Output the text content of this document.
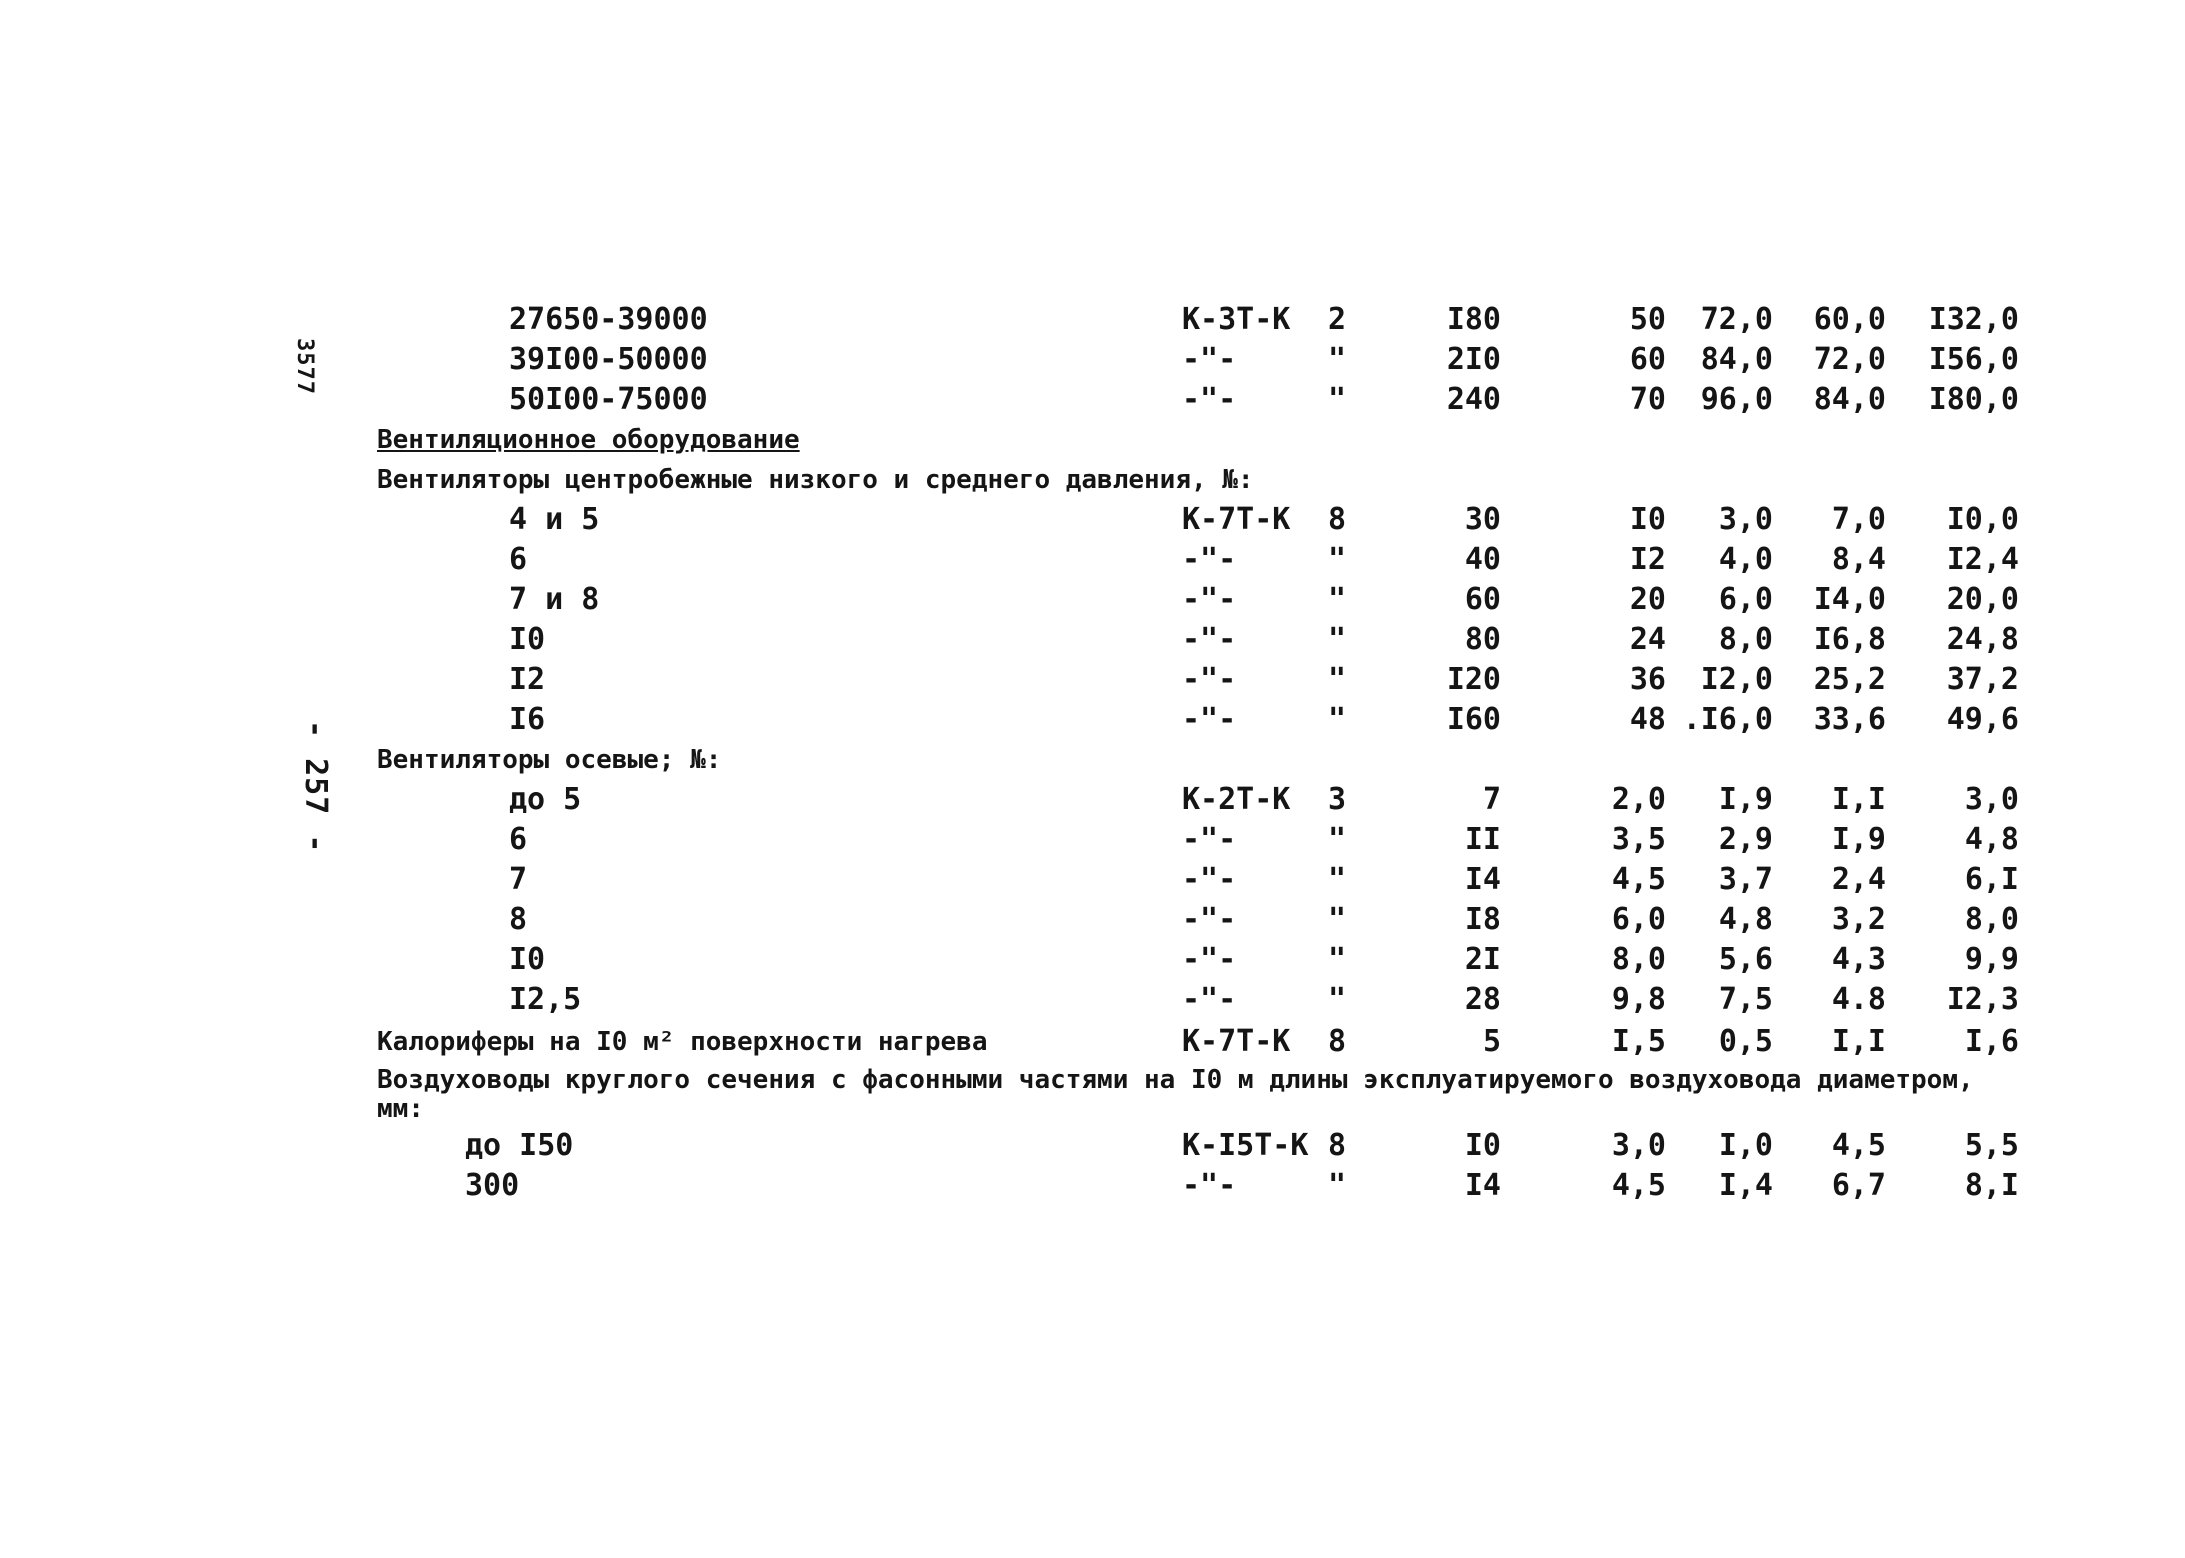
3577
- 257 -
27650-39000	К-3Т-К	2	I80	50	72,0	60,0	I32,0
39I00-50000	-"-	"	2I0	60	84,0	72,0	I56,0
50I00-75000	-"-	"	240	70	96,0	84,0	I80,0
Вентиляционное оборудование							
Вентиляторы центробежные низкого и среднего давления, №:							
4 и 5	К-7Т-К	8	30	I0	3,0	7,0	I0,0
6	-"-	"	40	I2	4,0	8,4	I2,4
7 и 8	-"-	"	60	20	6,0	I4,0	20,0
I0	-"-	"	80	24	8,0	I6,8	24,8
I2	-"-	"	I20	36	I2,0	25,2	37,2
I6	-"-	"	I60	48	.I6,0	33,6	49,6
Вентиляторы осевые; №:							
до 5	К-2Т-К	3	7	2,0	I,9	I,I	3,0
6	-"-	"	II	3,5	2,9	I,9	4,8
7	-"-	"	I4	4,5	3,7	2,4	6,I
8	-"-	"	I8	6,0	4,8	3,2	8,0
I0	-"-	"	2I	8,0	5,6	4,3	9,9
I2,5	-"-	"	28	9,8	7,5	4.8	I2,3
Калориферы на I0 м² поверхности нагрева	К-7Т-К	8	5	I,5	0,5	I,I	I,6
Воздуховоды круглого сечения с фасонными частями на I0 м длины эксплуатируемого воздуховода диаметром, мм:							
до I50	К-I5Т-К	8	I0	3,0	I,0	4,5	5,5
300	-"-	"	I4	4,5	I,4	6,7	8,I
